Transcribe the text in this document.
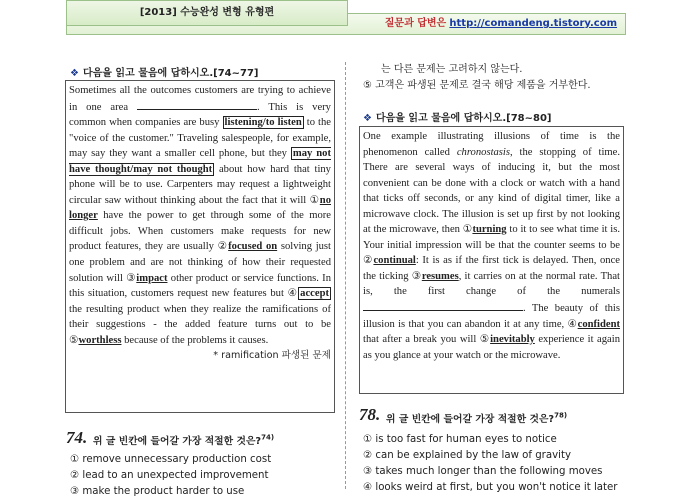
질문과 답변은 http://comandeng.tistory.com
[2013] 수능완성 변형 유형편
❖ 다음을 읽고 물음에 답하시오.[74~77]
Sometimes all the outcomes customers are trying to achieve in one area	. This is very common when companies are busy listening/to listen to the "voice of the customer." Traveling salespeople, for example, may say they want a smaller cell phone, but they may not have thought/may not thought about how hard that tiny phone will be to use. Carpenters may request a lightweight circular saw without thinking about the fact that it will ①no longer have the power to get through some of the more difficult jobs. When customers make requests for new product features, they are usually ②focused on solving just one problem and are not thinking of how their requested solution will ③impact other product or service functions. In this situation, customers request new features but ④ accept the resulting product when they realize the ramifications of their suggestions - the added feature turns out to be ⑤worthless because of the problems it causes.
* ramification 파생된 문제
74. 위 글 빈칸에 들어갈 가장 적절한 것은?$^{74)}$
① remove unnecessary production cost
② lead to an unexpected improvement
③ make the product harder to use
는 다른 문제는 고려하지 않는다.
⑤ 고객은 파생된 문제로 결국 해당 제품을 거부한다.
❖ 다음을 읽고 물음에 답하시오.[78~80]
One example illustrating illusions of time is the phenomenon called chronostasis, the stopping of time. There are several ways of inducing it, but the most convenient can be done with a clock or watch with a hand that ticks off seconds, or any kind of digital timer, like a microwave clock. The illusion is set up first by not looking at the microwave, then ①turning to it to see what time it is. Your initial impression will be that the counter seems to be ②continual: It is as if the first tick is delayed. Then, once the ticking ③resumes, it carries on at the normal rate. That is, the first change of the numerals . The beauty of this illusion is that you can abandon it at any time, ④confident that after a break you will ⑤inevitably experience it again as you glance at your watch or the microwave.
78. 위 글 빈칸에 들어갈 가장 적절한 것은?$^{78)}$
① is too fast for human eyes to notice
② can be explained by the law of gravity
③ takes much longer than the following moves
④ looks weird at first, but you won't notice it later
